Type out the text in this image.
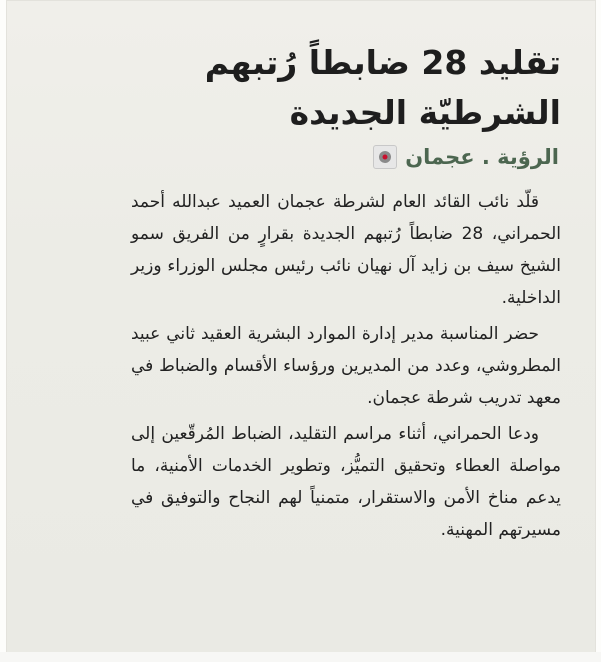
تقليد 28 ضابطاً رُتبهم
الشرطيّة الجديدة
الرؤية . عجمان

قلّد نائب القائد العام لشرطة عجمان العميد عبدالله أحمد الحمراني، 28 ضابطاً رُتبهم الجديدة بقرارٍ من الفريق سمو الشيخ سيف بن زايد آل نهيان نائب رئيس مجلس الوزراء وزير الداخلية.

حضر المناسبة مدير إدارة الموارد البشرية العقيد ثاني عبيد المطروشي، وعدد من المديرين ورؤساء الأقسام والضباط في معهد تدريب شرطة عجمان.

ودعا الحمراني، أثناء مراسم التقليد، الضباط المُرقّعين إلى مواصلة العطاء وتحقيق التميُّز، وتطوير الخدمات الأمنية، ما يدعم مناخ الأمن والاستقرار، متمنياً لهم النجاح والتوفيق في مسيرتهم المهنية.
